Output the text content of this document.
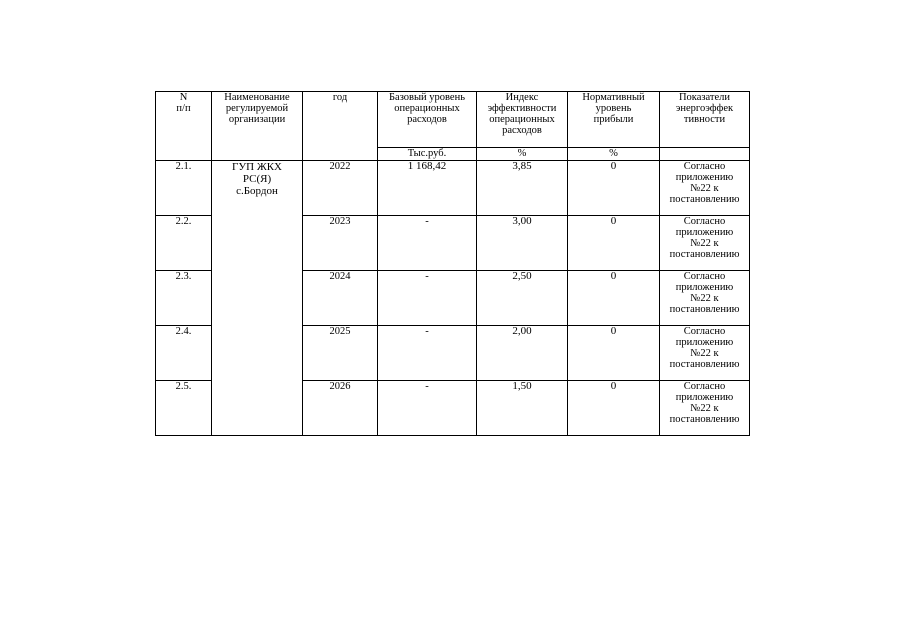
N
п/п	Наименование
регулируемой
организации	год	Базовый уровень
операционных
расходов	Индекс
эффективности
операционных
расходов	Нормативный
уровень
прибыли	Показатели
энергоэффек
тивности
			Тыс.руб.	%	%	
2.1.	ГУП ЖКХ
РС(Я)
с.Бордон	2022	1 168,42	3,85	0	Согласно
приложению
№22 к
постановлению
2.2.		2023	-	3,00	0	Согласно
приложению
№22 к
постановлению
2.3.		2024	-	2,50	0	Согласно
приложению
№22 к
постановлению
2.4.		2025	-	2,00	0	Согласно
приложению
№22 к
постановлению
2.5.		2026	-	1,50	0	Согласно
приложению
№22 к
постановлению
